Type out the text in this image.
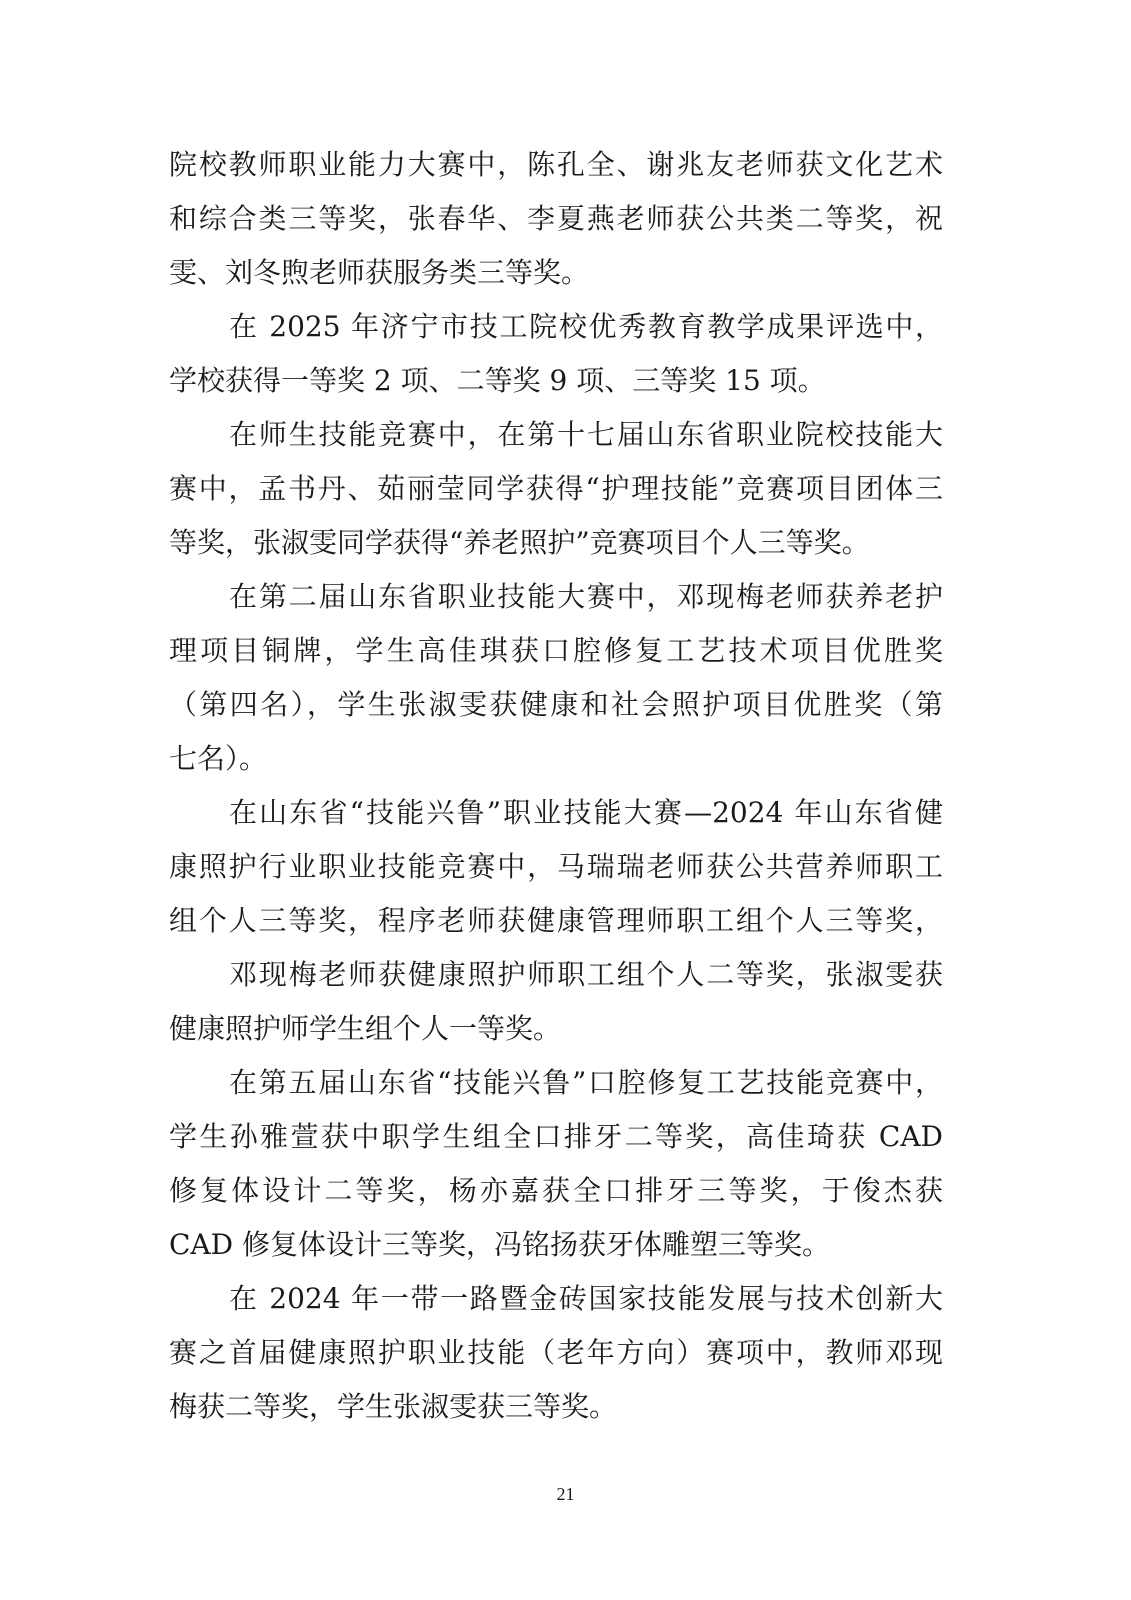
院校教师职业能力大赛中，陈孔全、谢兆友老师获文化艺术
和综合类三等奖，张春华、李夏燕老师获公共类二等奖，祝
雯、刘冬煦老师获服务类三等奖。
在 2025 年济宁市技工院校优秀教育教学成果评选中，
学校获得一等奖 2 项、二等奖 9 项、三等奖 15 项。
在师生技能竞赛中，在第十七届山东省职业院校技能大
赛中，孟书丹、茹丽莹同学获得“护理技能”竞赛项目团体三
等奖，张淑雯同学获得“养老照护”竞赛项目个人三等奖。
在第二届山东省职业技能大赛中，邓现梅老师获养老护
理项目铜牌，学生高佳琪获口腔修复工艺技术项目优胜奖
（第四名），学生张淑雯获健康和社会照护项目优胜奖（第
七名）。
在山东省“技能兴鲁”职业技能大赛—2024 年山东省健
康照护行业职业技能竞赛中，马瑞瑞老师获公共营养师职工
组个人三等奖，程序老师获健康管理师职工组个人三等奖，
邓现梅老师获健康照护师职工组个人二等奖，张淑雯获
健康照护师学生组个人一等奖。
在第五届山东省“技能兴鲁”口腔修复工艺技能竞赛中，
学生孙雅萱获中职学生组全口排牙二等奖，高佳琦获 CAD
修复体设计二等奖，杨亦嘉获全口排牙三等奖，于俊杰获
CAD 修复体设计三等奖，冯铭扬获牙体雕塑三等奖。
在 2024 年一带一路暨金砖国家技能发展与技术创新大
赛之首届健康照护职业技能（老年方向）赛项中，教师邓现
梅获二等奖，学生张淑雯获三等奖。
21
